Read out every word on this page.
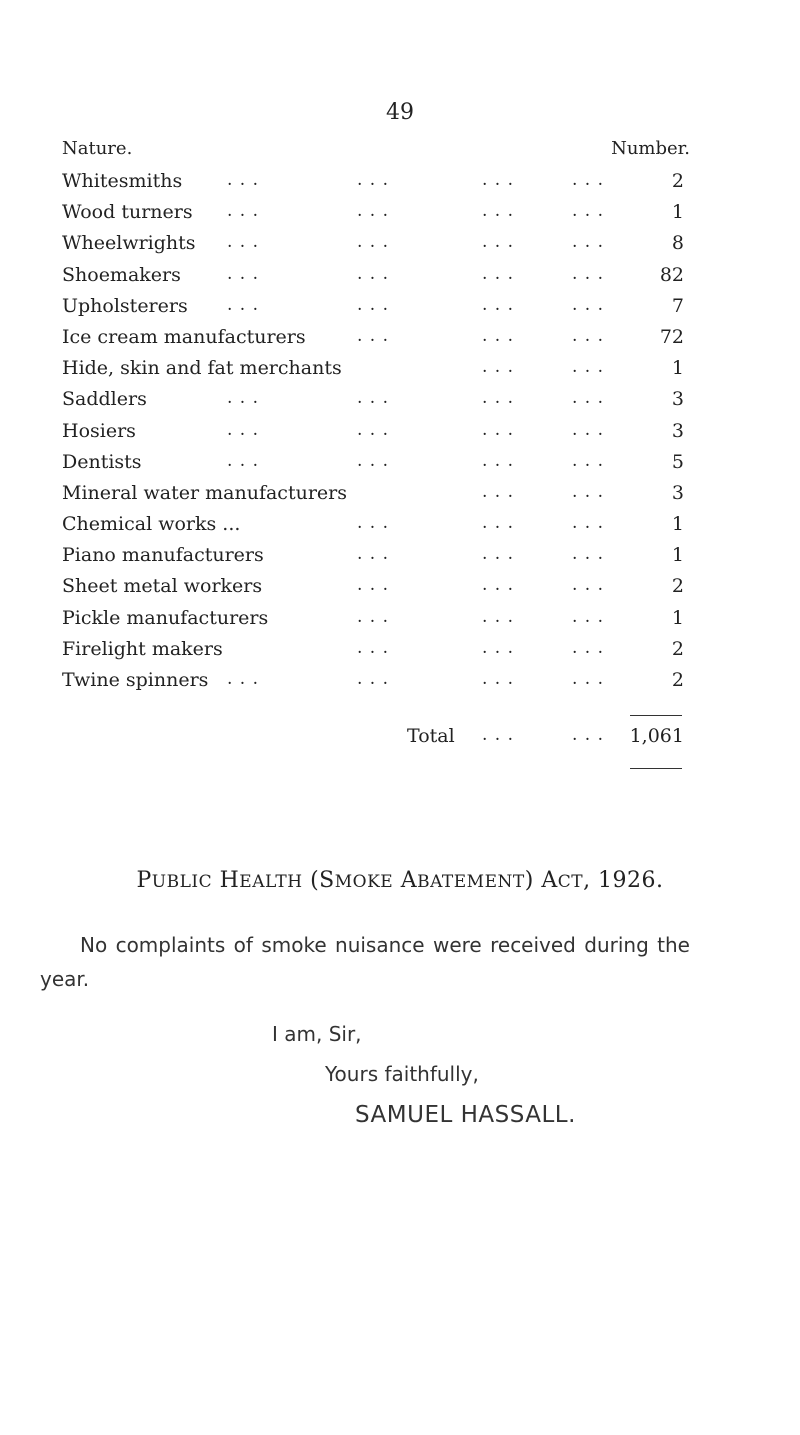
49
Nature.	Number.
Whitesmiths	. . .	. . .	. . .	. . .	2
Wood turners . . .	. . .	. . .	. . .	1
Wheelwrights . . .	. . .	. . .	. . .	8
Shoemakers	. . .	. . .	. . .	. . .	82
Upholsterers . . .	. . .	. . .	. . .	7
Ice cream manufacturers	. . .	. . .	. . .	72
Hide, skin and fat merchants	. . .	. . .	1
Saddlers	. . .	. . .	. . .	. . .	3
Hosiers	. . .	. . .	. . .	. . .	3
Dentists	. . .	. . .	. . .	. . .	5
Mineral water manufacturers	. . .	. . .	3
Chemical works ...	. . .	. . .	. . .	1
Piano manufacturers	. . .	. . .	. . .	1
Sheet metal workers	. . .	. . .	. . .	2
Pickle manufacturers	. . .	. . .	. . .	1
Firelight makers	. . .	. . .	. . .	2
Twine spinners . . .	. . .	. . .	. . .	2
Total . . .	. . . 1,061
PUBLIC HEALTH (SMOKE ABATEMENT) ACT, 1926.
No complaints of smoke nuisance were received during the year.
I am, Sir,
Yours faithfully,
SAMUEL HASSALL.
